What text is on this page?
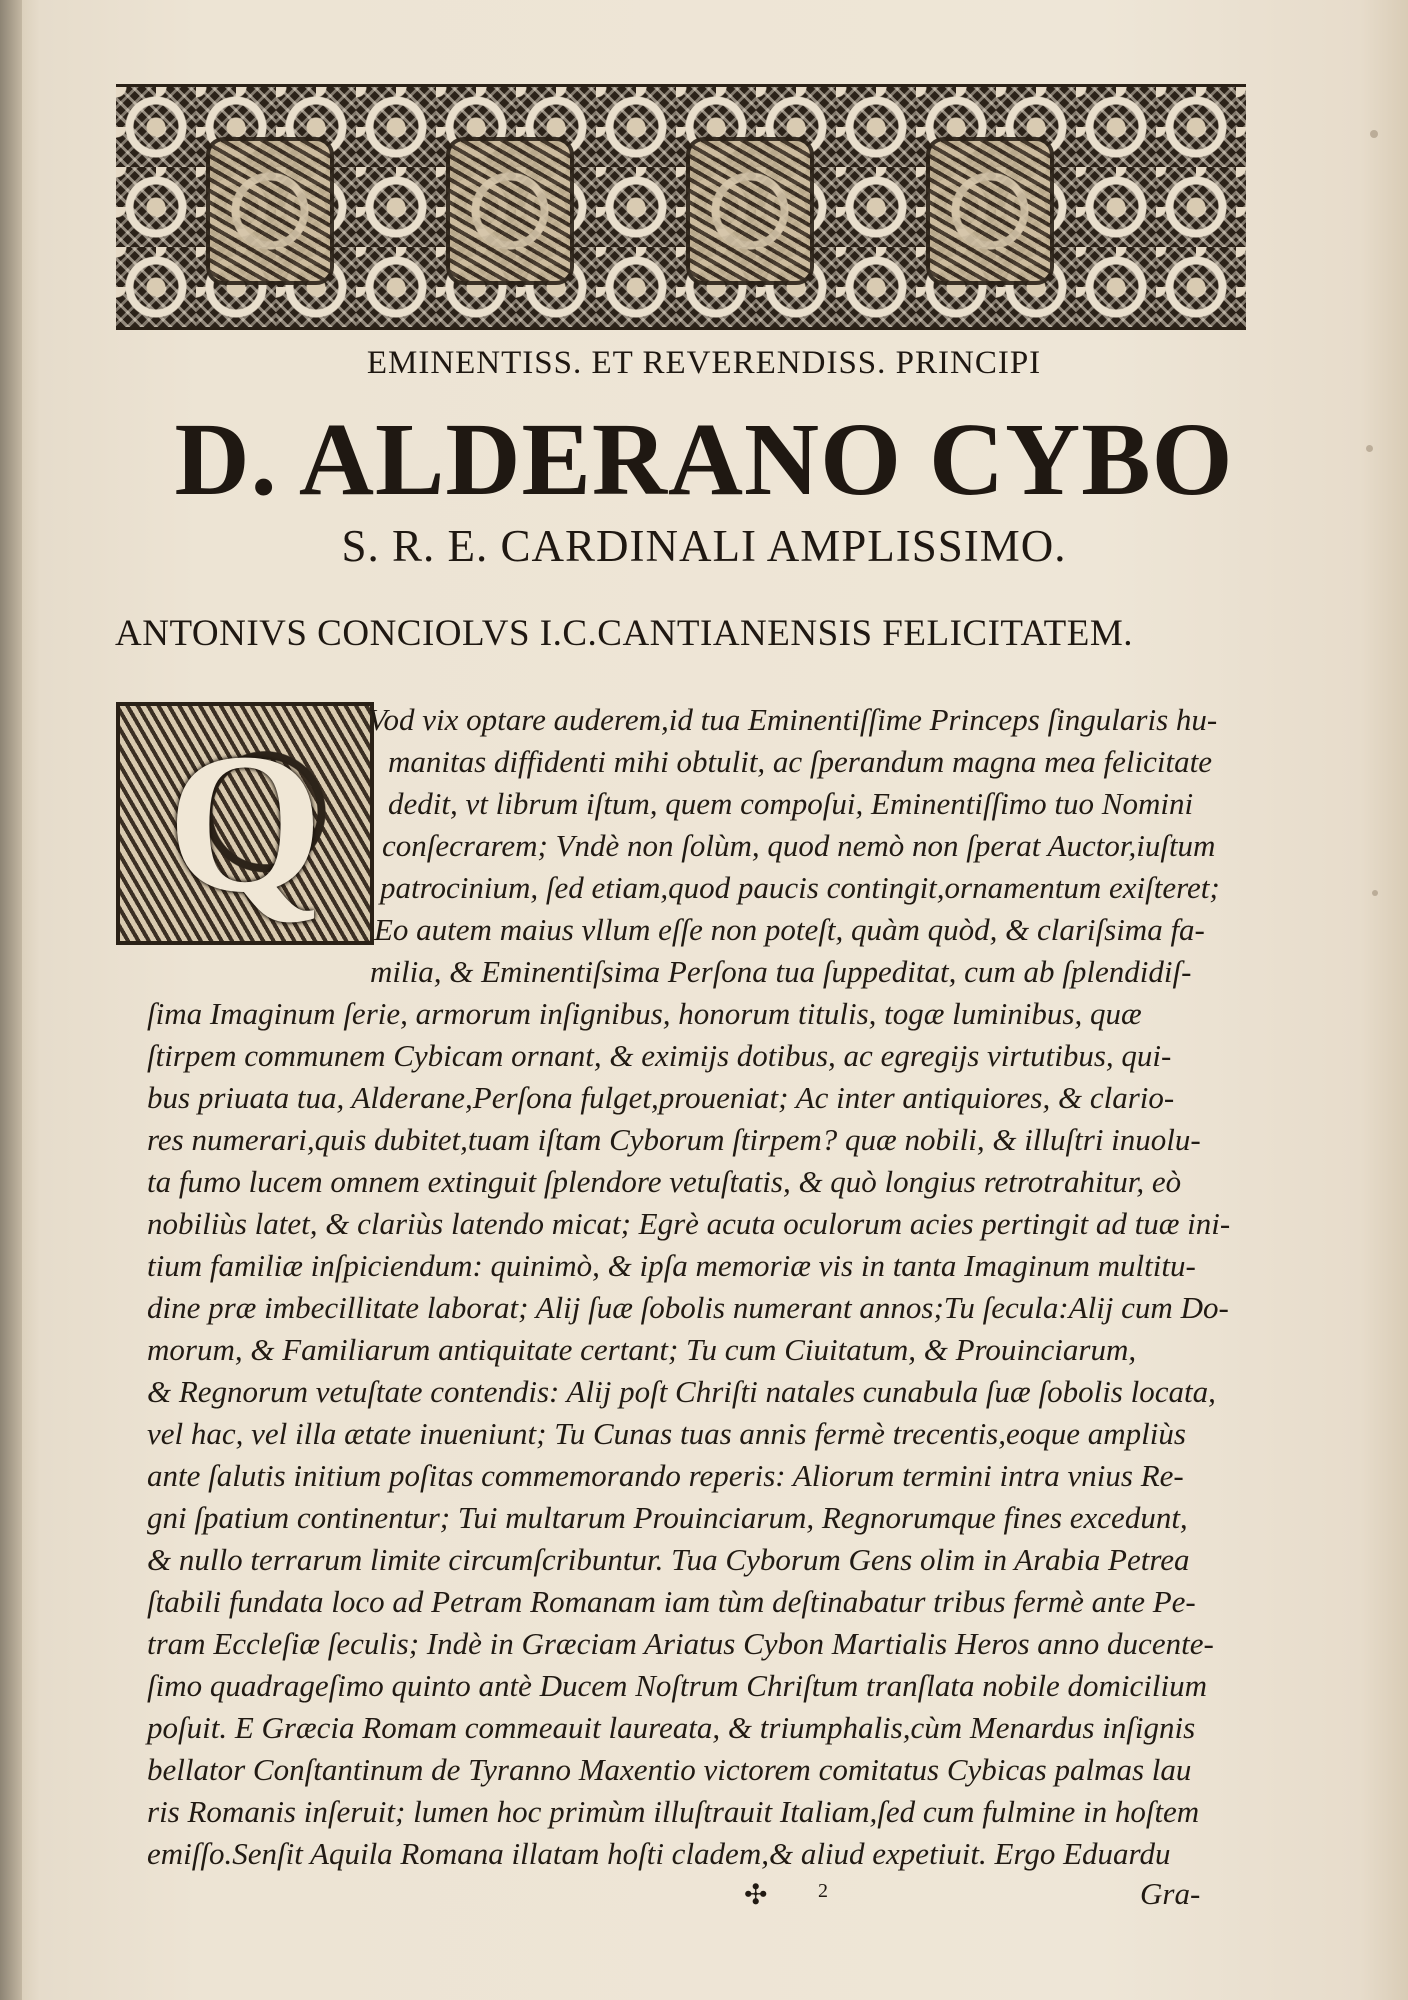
EMINENTISS. ET REVERENDISS. PRINCIPI

D. ALDERANO CYBO

S. R. E. CARDINALI AMPLISSIMO.

ANTONIVS CONCIOLVS I.C.CANTIANENSIS FELICITATEM.

Q	Vod vix optare auderem,id tua Eminentiſſime Princeps ſingularis hu-

manitas diffidenti mihi obtulit, ac ſperandum magna mea felicitate

dedit, vt librum iſtum, quem compoſui, Eminentiſſimo tuo Nomini

conſecrarem; Vndè non ſolùm, quod nemò non ſperat Auctor,iuſtum

patrocinium, ſed etiam,quod paucis contingit,ornamentum exiſteret;

Eo autem maius vllum eſſe non poteſt, quàm quòd, & clariſsima fa-

milia, & Eminentiſsima Perſona tua ſuppeditat, cum ab ſplendidiſ-

ſima Imaginum ſerie, armorum inſignibus, honorum titulis, togæ luminibus, quæ

ſtirpem communem Cybicam ornant, & eximijs dotibus, ac egregijs virtutibus, qui-

bus priuata tua, Alderane,Perſona fulget,proueniat; Ac inter antiquiores, & clario-

res numerari,quis dubitet,tuam iſtam Cyborum ſtirpem? quæ nobili, & illuſtri inuolu-

ta fumo lucem omnem extinguit ſplendore vetuſtatis, & quò longius retrotrahitur, eò

nobiliùs latet, & clariùs latendo micat; Egrè acuta oculorum acies pertingit ad tuæ ini-

tium familiæ inſpiciendum: quinimò, & ipſa memoriæ vis in tanta Imaginum multitu-

dine præ imbecillitate laborat; Alij ſuæ ſobolis numerant annos;Tu ſecula:Alij cum Do-

morum, & Familiarum antiquitate certant; Tu cum Ciuitatum, & Prouinciarum,

& Regnorum vetuſtate contendis: Alij poſt Chriſti natales cunabula ſuæ ſobolis locata,

vel hac, vel illa ætate inueniunt; Tu Cunas tuas annis fermè trecentis,eoque ampliùs

ante ſalutis initium poſitas commemorando reperis: Aliorum termini intra vnius Re-

gni ſpatium continentur; Tui multarum Prouinciarum, Regnorumque fines excedunt,

& nullo terrarum limite circumſcribuntur. Tua Cyborum Gens olim in Arabia Petrea

ſtabili fundata loco ad Petram Romanam iam tùm deſtinabatur tribus fermè ante Pe-

tram Eccleſiæ ſeculis; Indè in Græciam Ariatus Cybon Martialis Heros anno ducente-

ſimo quadrageſimo quinto antè Ducem Noſtrum Chriſtum tranſlata nobile domicilium

poſuit. E Græcia Romam commeauit laureata, & triumphalis,cùm Menardus inſignis

bellator Conſtantinum de Tyranno Maxentio victorem comitatus Cybicas palmas lau

ris Romanis inſeruit; lumen hoc primùm illuſtrauit Italiam,ſed cum fulmine in hoſtem

emiſſo.Senſit Aquila Romana illatam hoſti cladem,& aliud expetiuit. Ergo Eduardu

✣	2	Gra-
